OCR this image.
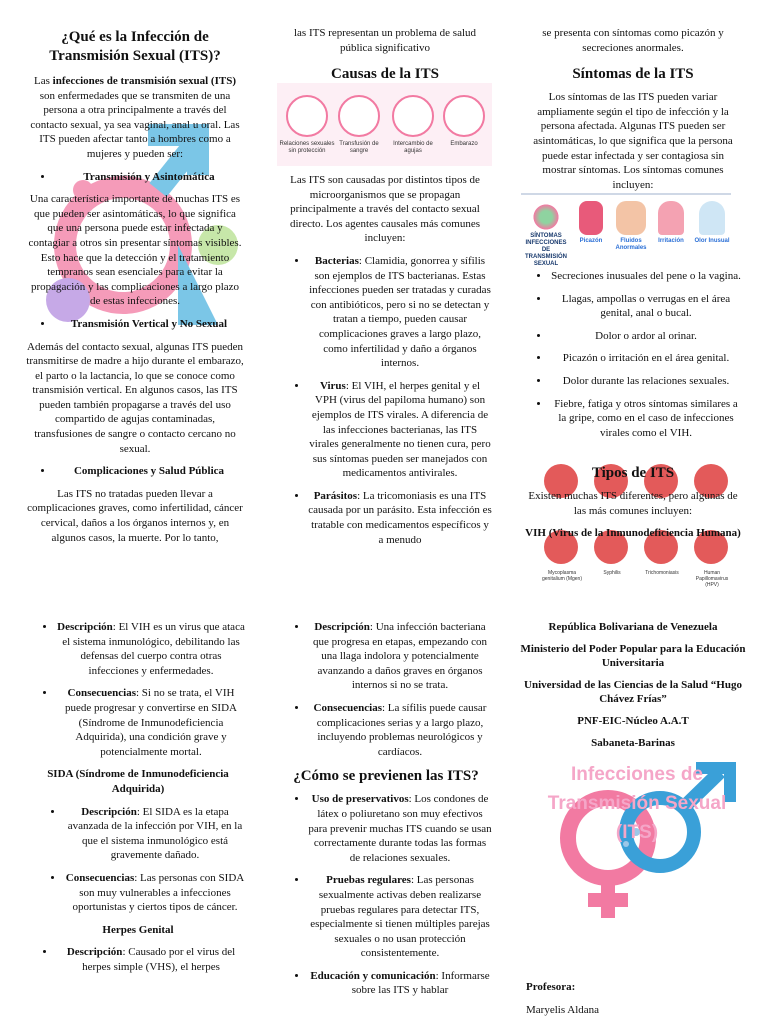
¿Qué es la Infección de Transmisión Sexual (ITS)?

Las infecciones de transmisión sexual (ITS) son enfermedades que se transmiten de una persona a otra principalmente a través del contacto sexual, ya sea vaginal, anal u oral. Las ITS pueden afectar tanto a hombres como a mujeres y pueden ser:

• Transmisión y Asintomática

Una característica importante de muchas ITS es que pueden ser asintomáticas, lo que significa que una persona puede estar infectada y contagiar a otros sin presentar síntomas visibles. Esto hace que la detección y el tratamiento tempranos sean esenciales para evitar la propagación y las complicaciones a largo plazo de estas infecciones.

• Transmisión Vertical y No Sexual

Además del contacto sexual, algunas ITS pueden transmitirse de madre a hijo durante el embarazo, el parto o la lactancia, lo que se conoce como transmisión vertical. En algunos casos, las ITS pueden también propagarse a través del uso compartido de agujas contaminadas, transfusiones de sangre o contacto cercano no sexual.

• Complicaciones y Salud Pública

Las ITS no tratadas pueden llevar a complicaciones graves, como infertilidad, cáncer cervical, daños a los órganos internos y, en algunos casos, la muerte. Por lo tanto,

las ITS representan un problema de salud pública significativo

Causas de la ITS
Relaciones sexuales sin protección
Transfusión de sangre
Intercambio de agujas
Embarazo

Las ITS son causadas por distintos tipos de microorganismos que se propagan principalmente a través del contacto sexual directo. Los agentes causales más comunes incluyen:

• Bacterias: Clamidia, gonorrea y sífilis son ejemplos de ITS bacterianas. Estas infecciones pueden ser tratadas y curadas con antibióticos, pero si no se detectan y tratan a tiempo, pueden causar complicaciones graves a largo plazo, como infertilidad y daño a órganos internos.
• Virus: El VIH, el herpes genital y el VPH (virus del papiloma humano) son ejemplos de ITS virales. A diferencia de las infecciones bacterianas, las ITS virales generalmente no tienen cura, pero sus síntomas pueden ser manejados con medicamentos antivirales.
• Parásitos: La tricomoniasis es una ITS causada por un parásito. Esta infección es tratable con medicamentos específicos y a menudo

se presenta con síntomas como picazón y secreciones anormales.

Síntomas de la ITS

Los síntomas de las ITS pueden variar ampliamente según el tipo de infección y la persona afectada. Algunas ITS pueden ser asintomáticas, lo que significa que la persona puede estar infectada y ser contagiosa sin mostrar síntomas. Los síntomas comunes incluyen:

SÍNTOMAS INFECCIONES DE TRANSMISIÓN SEXUAL
Picazón	Fluidos Anormales
Irritación	Olor Inusual
• Secreciones inusuales del pene o la vagina.
• Llagas, ampollas o verrugas en el área genital, anal o bucal.
• Dolor o ardor al orinar.
• Picazón o irritación en el área genital.
• Dolor durante las relaciones sexuales.
• Fiebre, fatiga y otros síntomas similares a la gripe, como en el caso de infecciones virales como el VIH.
Mycoplasma genitalium (Mgen)
Syphilis	Trichomoniasis	Human Papillomavirus (HPV)
Tipos de ITS

Existen muchas ITS diferentes, pero algunas de las más comunes incluyen:

VIH (Virus de la Inmunodeficiencia Humana)

• Descripción: El VIH es un virus que ataca el sistema inmunológico, debilitando las defensas del cuerpo contra otras infecciones y enfermedades.
• Consecuencias: Si no se trata, el VIH puede progresar y convertirse en SIDA (Síndrome de Inmunodeficiencia Adquirida), una condición grave y potencialmente mortal.

SIDA (Síndrome de Inmunodeficiencia Adquirida)

• Descripción: El SIDA es la etapa avanzada de la infección por VIH, en la que el sistema inmunológico está gravemente dañado.
• Consecuencias: Las personas con SIDA son muy vulnerables a infecciones oportunistas y ciertos tipos de cáncer.

Herpes Genital

• Descripción: Causado por el virus del herpes simple (VHS), el herpes
• Descripción: Una infección bacteriana que progresa en etapas, empezando con una llaga indolora y potencialmente avanzando a daños graves en órganos internos si no se trata.
• Consecuencias: La sífilis puede causar complicaciones serias y a largo plazo, incluyendo problemas neurológicos y cardíacos.
¿Cómo se previenen las ITS?
• Uso de preservativos: Los condones de látex o poliuretano son muy efectivos para prevenir muchas ITS cuando se usan correctamente durante todas las formas de relaciones sexuales.
• Pruebas regulares: Las personas sexualmente activas deben realizarse pruebas regulares para detectar ITS, especialmente si tienen múltiples parejas sexuales o no usan protección consistentemente.
• Educación y comunicación: Informarse sobre las ITS y hablar

República Bolivariana de Venezuela

Ministerio del Poder Popular para la Educación Universitaria

Universidad de las Ciencias de la Salud “Hugo Chávez Frías”

PNF-EIC-Núcleo A.A.T

Sabaneta-Barinas

Infecciones de Transmisión Sexual (ITS)

Profesora:

Maryelis Aldana
